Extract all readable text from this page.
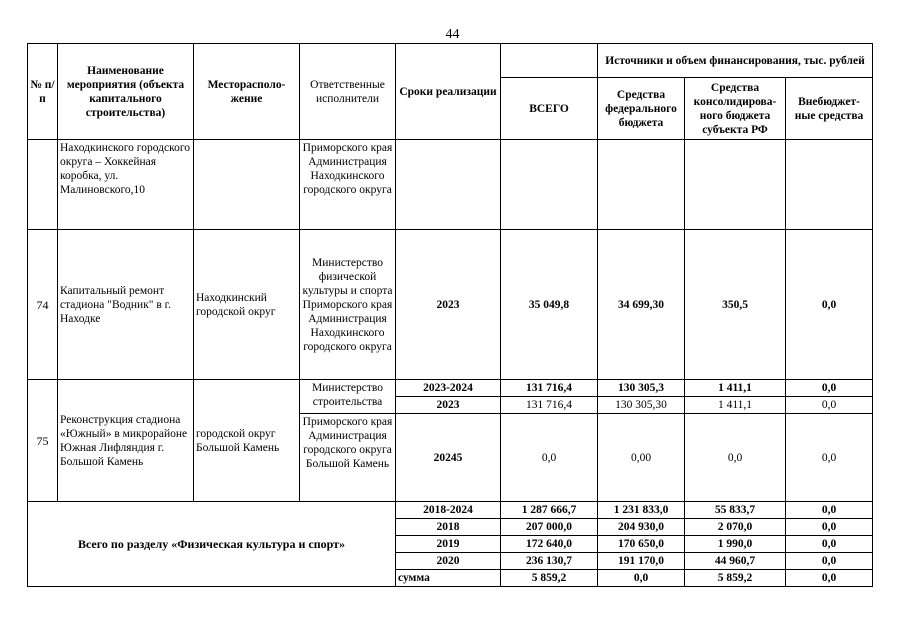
44
№ п/п	Наименование мероприятия (объекта капитального строительства)	Месторасполо-жение	Ответственные исполнители	Сроки реализации		Источники и объем финансирования, тыс. рублей		
					ВСЕГО	Средства федерального бюджета	Средства консолидирова-ного бюджета субъекта РФ	Внебюджет-ные средства
	Находкинского городского округа – Хоккейная коробка, ул. Малиновского,10		Приморского края Администрация Находкинского городского округа					
74	Капитальный ремонт стадиона "Водник" в г. Находке	Находкинский городской округ	Министерство физической культуры и спорта Приморского края Администрация Находкинского городского округа	2023	35 049,8	34 699,30	350,5	0,0
75	Реконструкция стадиона «Южный» в микрорайоне Южная Лифляндия г. Большой Камень	городской округ Большой Камень	Министерство строительства	2023-2024	131 716,4	130 305,3	1 411,1	0,0
				2023	131 716,4	130 305,30	1 411,1	0,0
			Приморского края Администрация городского округа Большой Камень	20245	0,0	0,00	0,0	0,0
Всего по разделу «Физическая культура и спорт»				2018-2024	1 287 666,7	1 231 833,0	55 833,7	0,0
				2018	207 000,0	204 930,0	2 070,0	0,0
				2019	172 640,0	170 650,0	1 990,0	0,0
				2020	236 130,7	191 170,0	44 960,7	0,0
				сумма	5 859,2	0,0	5 859,2	0,0
